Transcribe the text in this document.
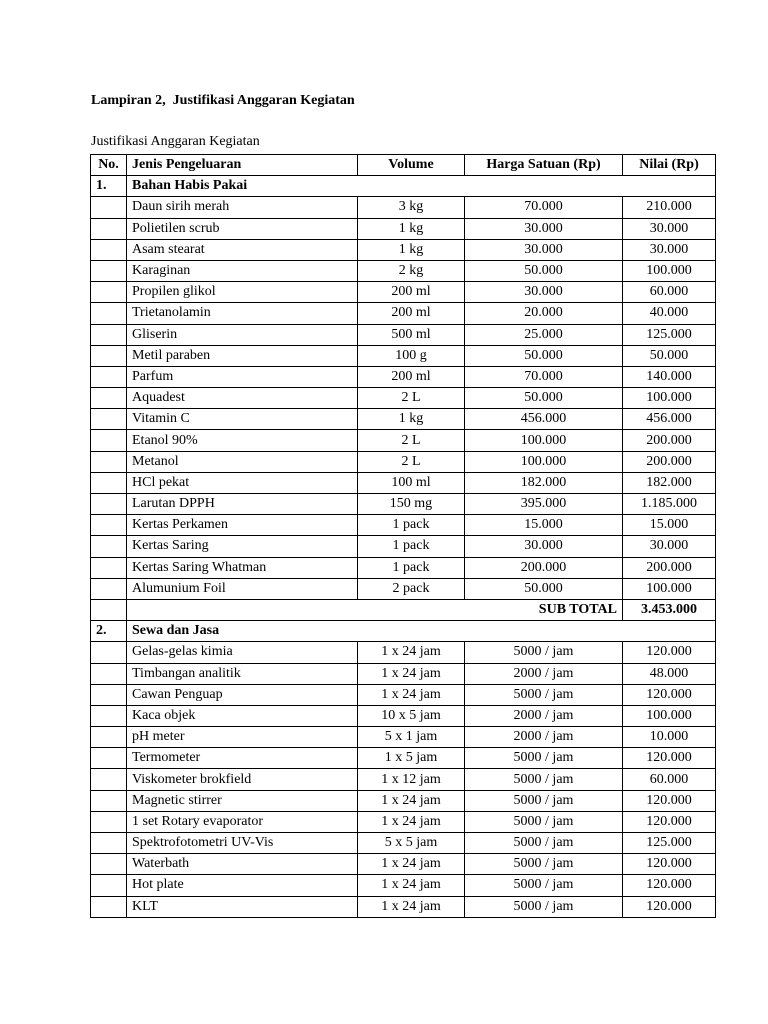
Lampiran 2,  Justifikasi Anggaran Kegiatan
Justifikasi Anggaran Kegiatan
No.	Jenis Pengeluaran	Volume	Harga Satuan (Rp)	Nilai (Rp)
1.	Bahan Habis Pakai			
	Daun sirih merah	3 kg	70.000	210.000
	Polietilen scrub	1 kg	30.000	30.000
	Asam stearat	1 kg	30.000	30.000
	Karaginan	2 kg	50.000	100.000
	Propilen glikol	200 ml	30.000	60.000
	Trietanolamin	200 ml	20.000	40.000
	Gliserin	500 ml	25.000	125.000
	Metil paraben	100 g	50.000	50.000
	Parfum	200 ml	70.000	140.000
	Aquadest	2 L	50.000	100.000
	Vitamin C	1 kg	456.000	456.000
	Etanol 90%	2 L	100.000	200.000
	Metanol	2 L	100.000	200.000
	HCl pekat	100 ml	182.000	182.000
	Larutan DPPH	150 mg	395.000	1.185.000
	Kertas Perkamen	1 pack	15.000	15.000
	Kertas Saring	1 pack	30.000	30.000
	Kertas Saring Whatman	1 pack	200.000	200.000
	Alumunium Foil	2 pack	50.000	100.000
	SUB TOTAL			3.453.000
2.	Sewa dan Jasa			
	Gelas-gelas kimia	1 x 24 jam	5000 / jam	120.000
	Timbangan analitik	1 x 24 jam	2000 / jam	48.000
	Cawan Penguap	1 x 24 jam	5000 / jam	120.000
	Kaca objek	10 x 5 jam	2000 / jam	100.000
	pH meter	5 x 1 jam	2000 / jam	10.000
	Termometer	1 x 5 jam	5000 / jam	120.000
	Viskometer brokfield	1 x 12 jam	5000 / jam	60.000
	Magnetic stirrer	1 x 24 jam	5000 / jam	120.000
	1 set Rotary evaporator	1 x 24 jam	5000 / jam	120.000
	Spektrofotometri UV-Vis	5 x 5 jam	5000 / jam	125.000
	Waterbath	1 x 24 jam	5000 / jam	120.000
	Hot plate	1 x 24 jam	5000 / jam	120.000
	KLT	1 x 24 jam	5000 / jam	120.000
